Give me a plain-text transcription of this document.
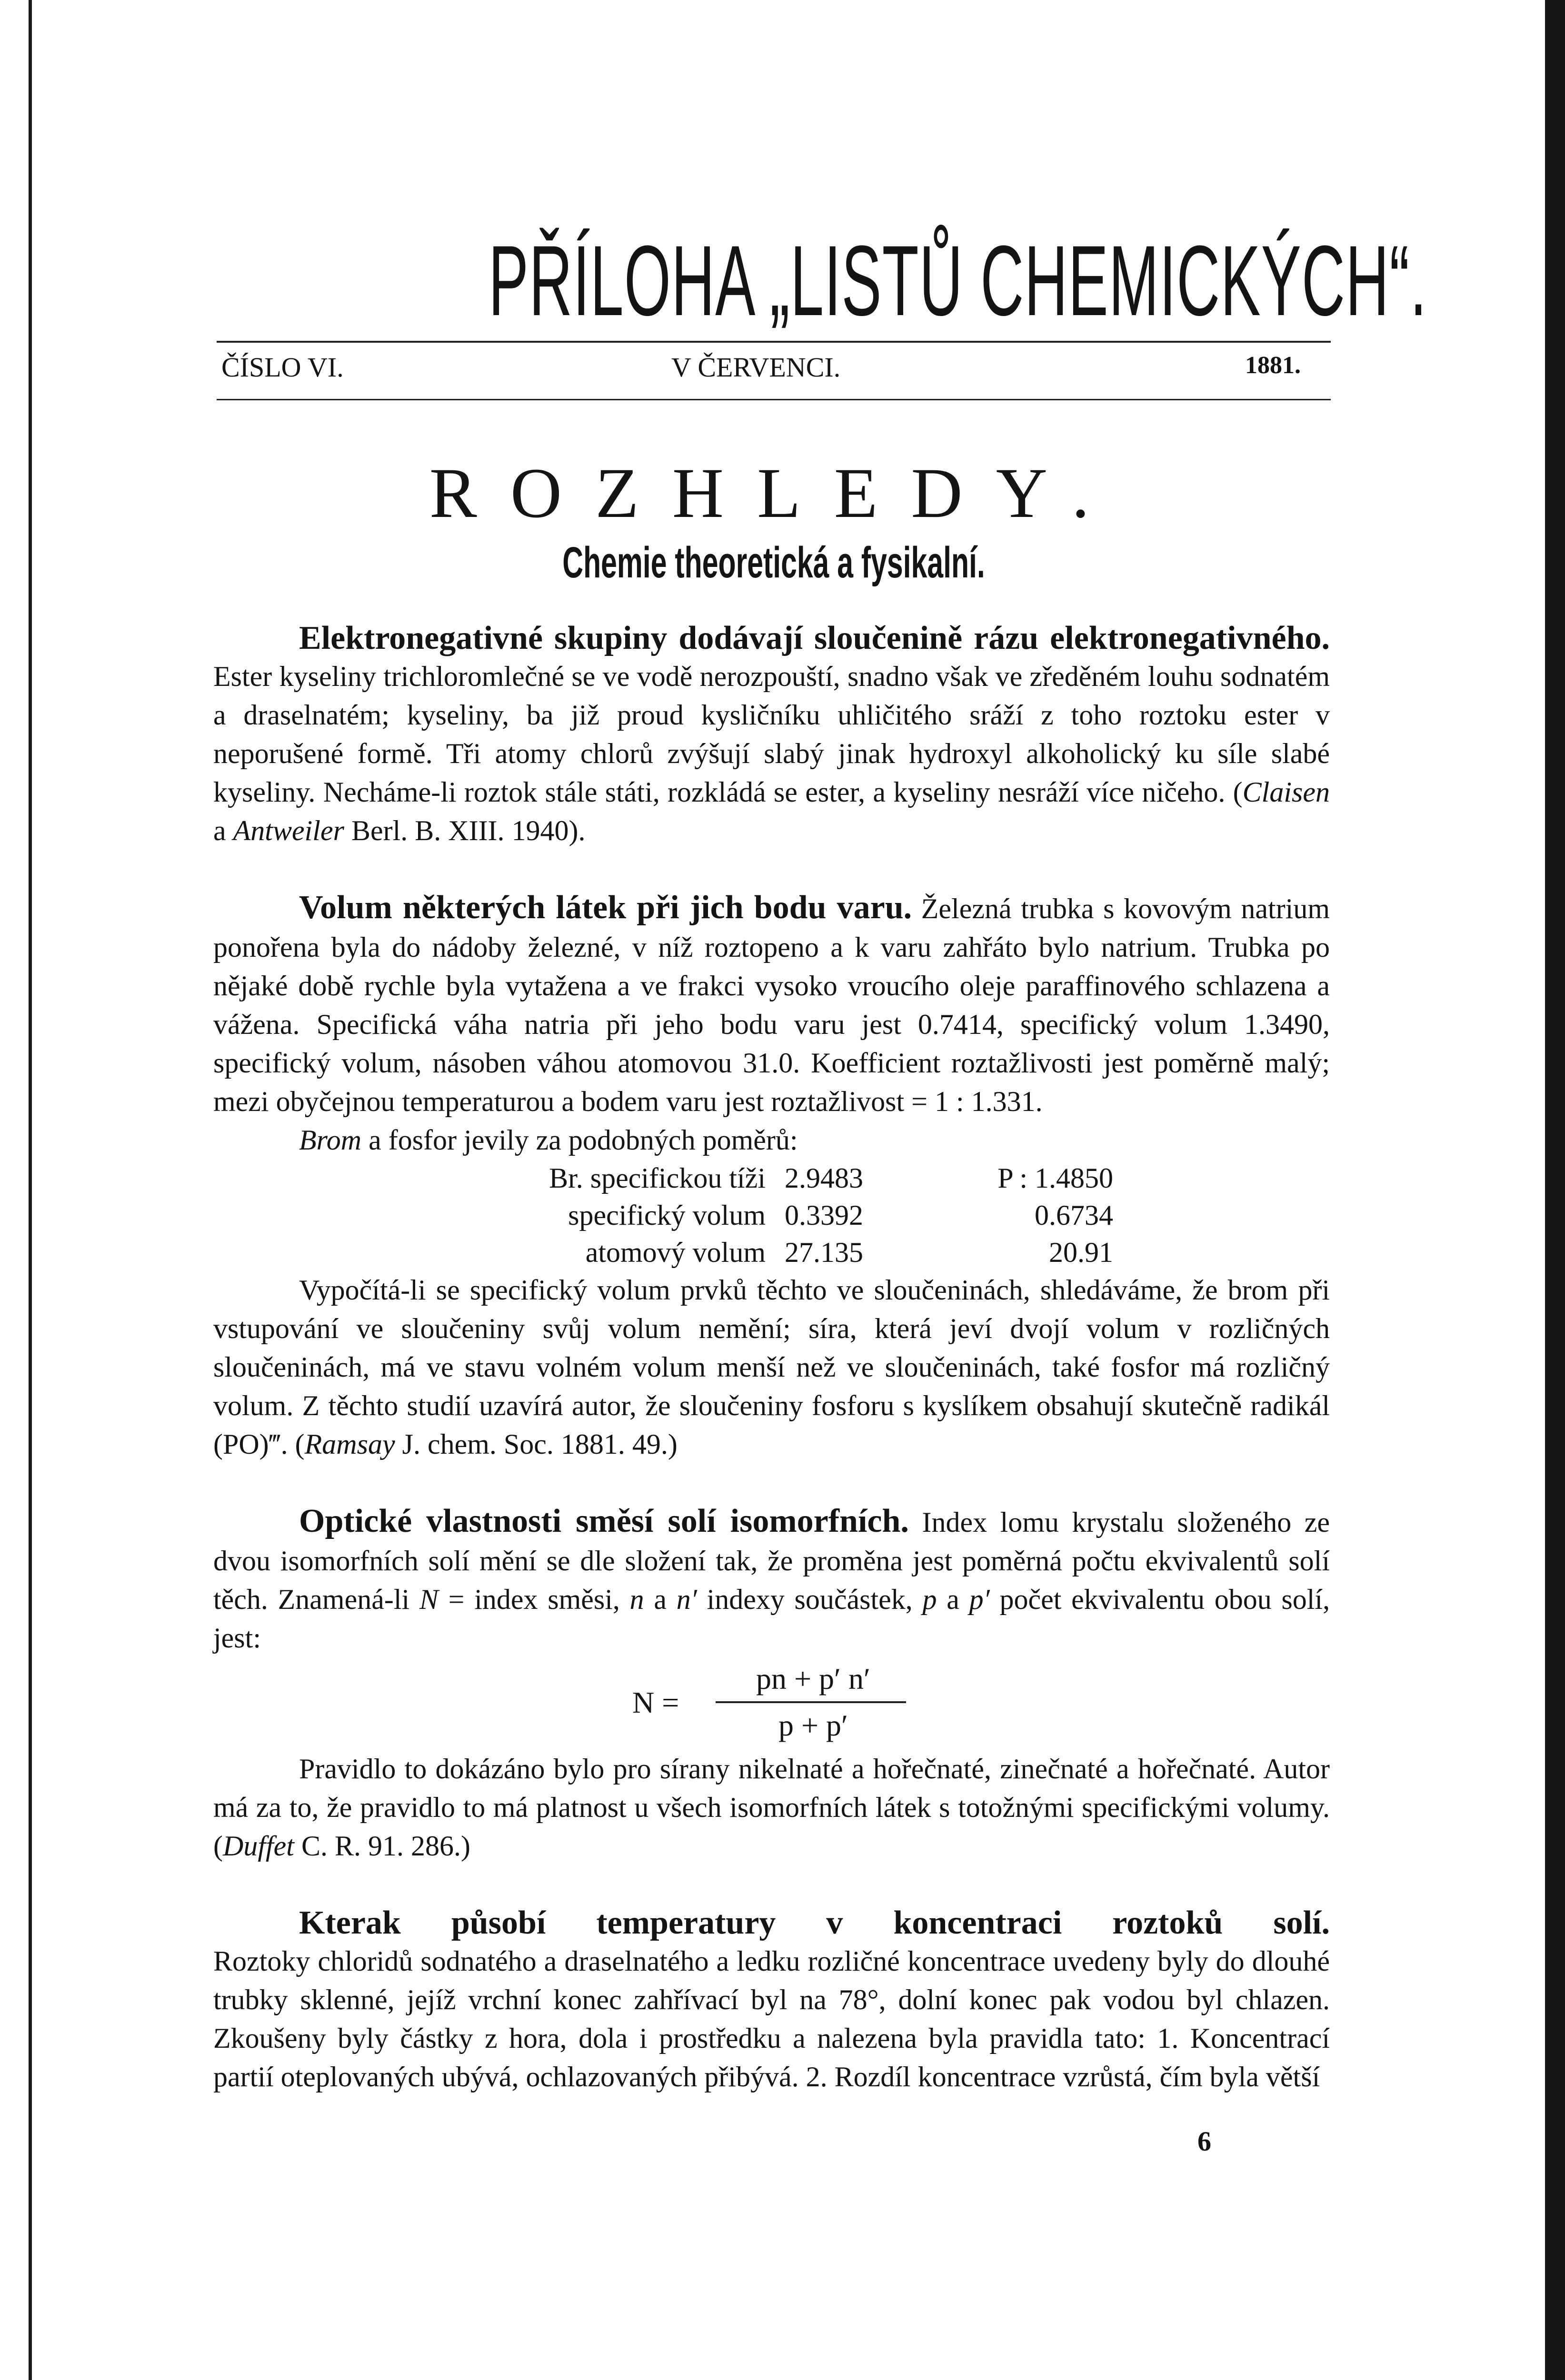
PŘÍLOHA „LISTŮ CHEMICKÝCH“.
ČÍSLO VI.	V ČERVENCI.	1881.
ROZHLEDY.
Chemie theoretická a fysikalní.
Elektronegativné skupiny dodávají sloučenině rázu elektronegativného.

Ester kyseliny trichloromlečné se ve vodě nerozpouští, snadno však ve zředěném louhu sodnatém a draselnatém; kyseliny, ba již proud kysličníku uhličitého sráží z toho roztoku ester v neporušené formě. Tři atomy chlorů zvýšují slabý jinak hydroxyl alkoholický ku síle slabé kyseliny. Necháme-li roztok stále státi, rozkládá se ester, a kyseliny nesráží více ničeho. (Claisen a Antweiler Berl. B. XIII. 1940).

Volum některých látek při jich bodu varu. Železná trubka s kovovým natrium ponořena byla do nádoby železné, v níž roztopeno a k varu zahřáto bylo natrium. Trubka po nějaké době rychle byla vytažena a ve frakci vysoko vroucího oleje paraffinového schlazena a vážena. Specifická váha natria při jeho bodu varu jest 0.7414, specifický volum 1.3490, specifický volum, násoben váhou atomovou 31.0. Koefficient roztažlivosti jest poměrně malý; mezi obyčejnou temperaturou a bodem varu jest roztažlivost = 1 : 1.331.

Brom a fosfor jevily za podobných poměrů:

Br. specifickou tíži	2.9483	P : 1.4850
specifický volum	0.3392	0.6734
atomový volum	27.135	20.91

Vypočítá-li se specifický volum prvků těchto ve sloučeninách, shledáváme, že brom při vstupování ve sloučeniny svůj volum nemění; síra, která jeví dvojí volum v rozličných sloučeninách, má ve stavu volném volum menší než ve sloučeninách, také fosfor má rozličný volum. Z těchto studií uzavírá autor, že sloučeniny fosforu s kyslíkem obsahují skutečně radikál (PO)‴. (Ramsay J. chem. Soc. 1881. 49.)

Optické vlastnosti směsí solí isomorfních. Index lomu krystalu složeného ze dvou isomorfních solí mění se dle složení tak, že proměna jest poměrná počtu ekvivalentů solí těch. Znamená-li N = index směsi, n a n′ indexy součástek, p a p′ počet ekvivalentu obou solí, jest:

N =
pn + p′ n′
p + p′

Pravidlo to dokázáno bylo pro sírany nikelnaté a hořečnaté, zinečnaté a hořečnaté. Autor má za to, že pravidlo to má platnost u všech isomorfních látek s totožnými specifickými volumy. (Duffet C. R. 91. 286.)

Kterak působí temperatury v koncentraci roztoků solí.

Roztoky chloridů sodnatého a draselnatého a ledku rozličné koncentrace uvedeny byly do dlouhé trubky sklenné, jejíž vrchní konec zahřívací byl na 78°, dolní konec pak vodou byl chlazen. Zkoušeny byly částky z hora, dola i prostředku a nalezena byla pravidla tato: 1. Koncentrací partií oteplovaných ubývá, ochlazovaných přibývá. 2. Rozdíl koncentrace vzrůstá, čím byla větší

6
